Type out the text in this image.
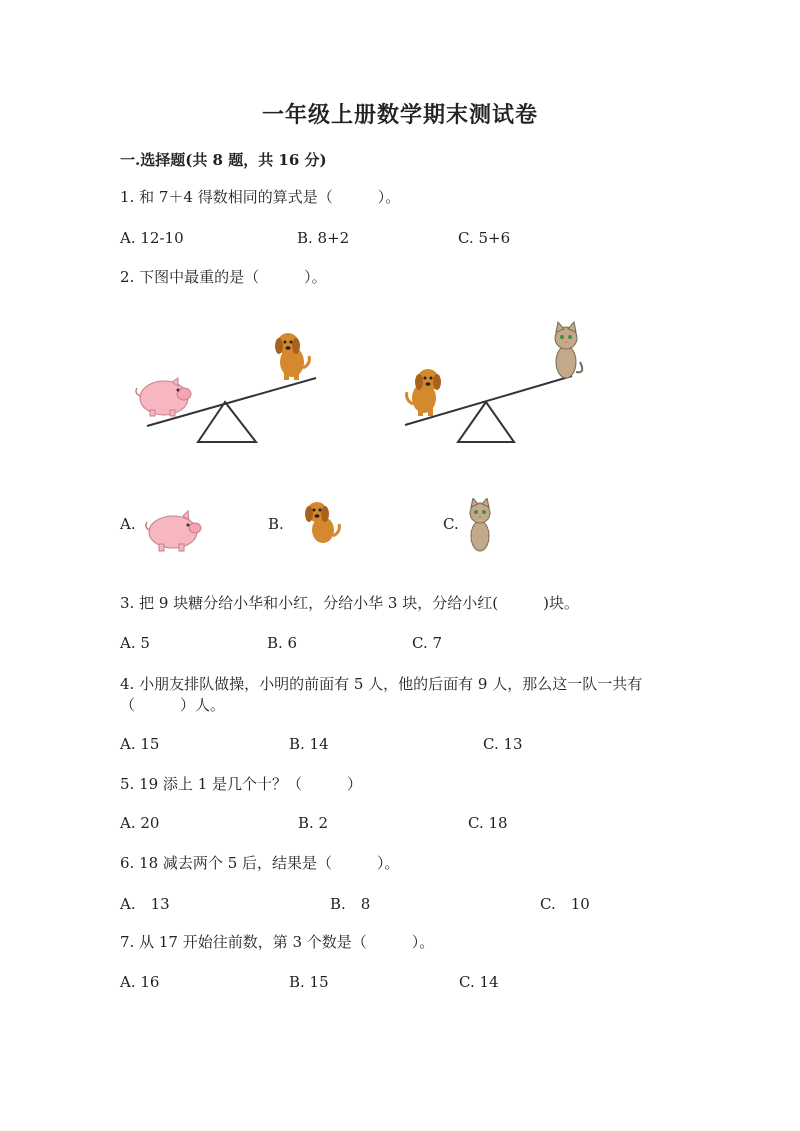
一年级上册数学期末测试卷
一.选择题(共 8 题，共 16 分)
1. 和 7＋4 得数相同的算式是（　　　）。
A. 12-10	B. 8+2	C. 5+6
2. 下图中最重的是（　　　）。
A.	B.	C.
3. 把 9 块糖分给小华和小红，分给小华 3 块，分给小红(　　　)块。
A. 5	B. 6	C. 7
4. 小朋友排队做操，小明的前面有 5 人，他的后面有 9 人，那么这一队一共有
（　　　）人。
A. 15	B. 14	C. 13
5. 19 添上 1 是几个十？（　　　）
A. 20	B. 2	C. 18
6. 18 减去两个 5 后，结果是（　　　）。
A.　13	B.　8	C.　10
7. 从 17 开始往前数，第 3 个数是（　　　）。
A. 16	B. 15	C. 14
